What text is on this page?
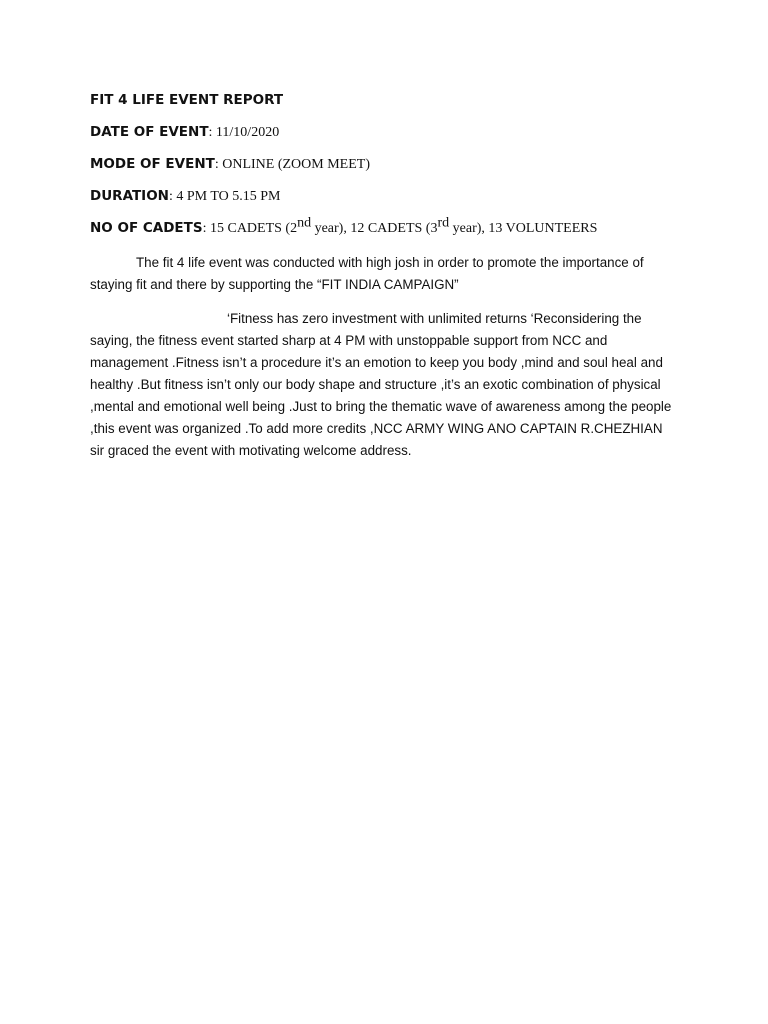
FIT 4 LIFE EVENT REPORT
DATE OF EVENT: 11/10/2020
MODE OF EVENT: ONLINE (ZOOM MEET)
DURATION: 4 PM TO 5.15 PM
NO OF CADETS: 15 CADETS (2nd year), 12 CADETS (3rd year), 13 VOLUNTEERS

The fit 4 life event was conducted with high josh in order to promote the importance of staying fit and there by supporting the “FIT INDIA CAMPAIGN”

‘Fitness has zero investment with unlimited returns ‘Reconsidering the saying, the fitness event started sharp at 4 PM with unstoppable support from NCC and management .Fitness isn’t a procedure it’s an emotion to keep you body ,mind and soul heal and healthy .But fitness isn’t only our body shape and structure ,it’s an exotic combination of physical ,mental and emotional well being .Just to bring the thematic wave of awareness among the people ,this event was organized .To add more credits ,NCC ARMY WING ANO CAPTAIN R.CHEZHIAN sir graced the event with motivating welcome address.
